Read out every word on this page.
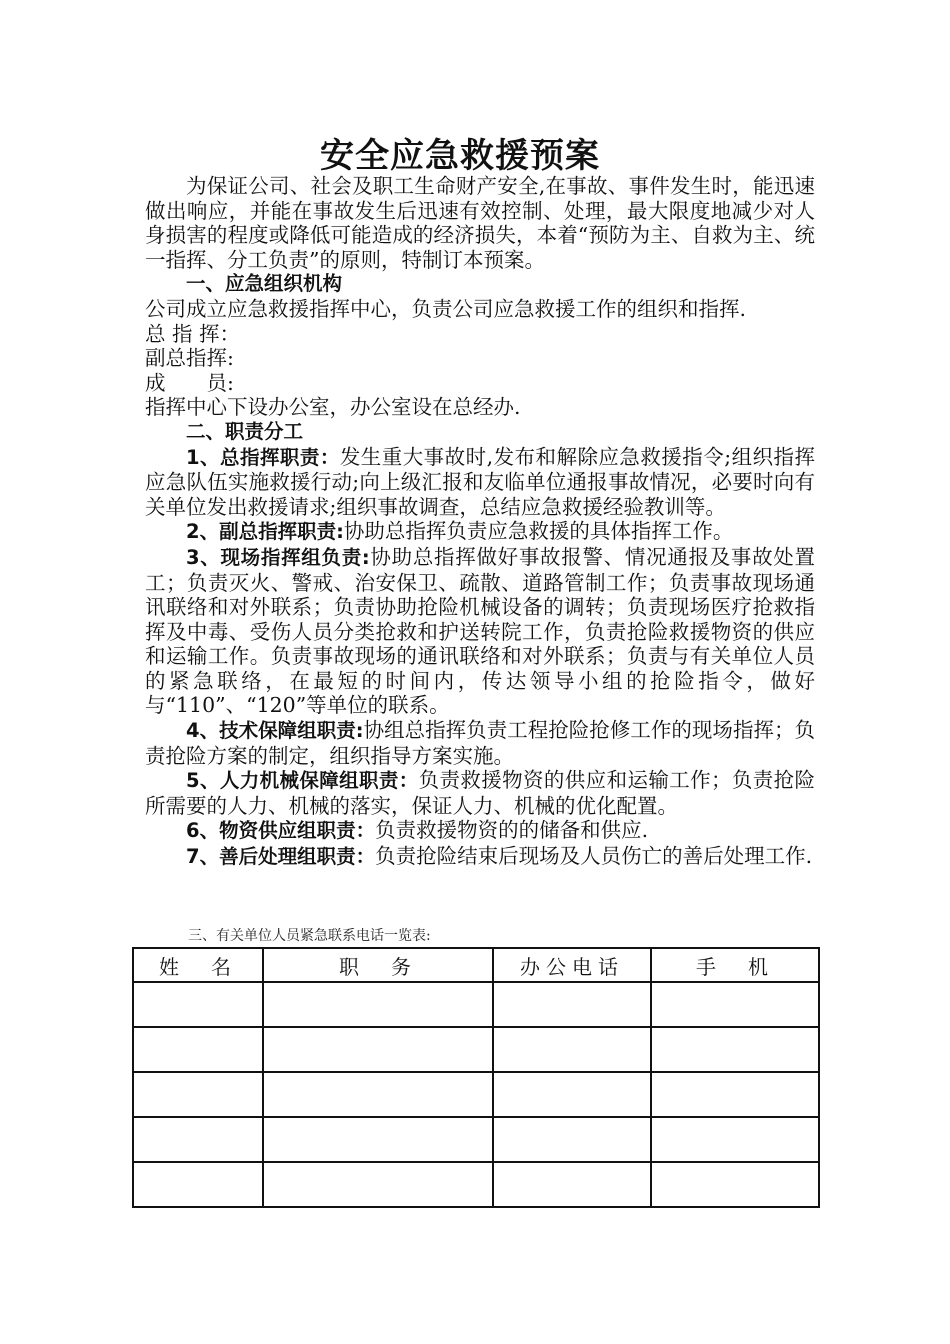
安全应急救援预案

为保证公司、社会及职工生命财产安全,在事故、事件发生时，能迅速做出响应，并能在事故发生后迅速有效控制、处理，最大限度地减少对人身损害的程度或降低可能造成的经济损失，本着“预防为主、自救为主、统一指挥、分工负责”的原则，特制订本预案。

一、应急组织机构

公司成立应急救援指挥中心，负责公司应急救援工作的组织和指挥.

总 指 挥：

副总指挥:

成　　员:

指挥中心下设办公室，办公室设在总经办.

二、职责分工

1、总指挥职责：发生重大事故时,发布和解除应急救援指令;组织指挥应急队伍实施救援行动;向上级汇报和友临单位通报事故情况，必要时向有关单位发出救援请求;组织事故调查，总结应急救援经验教训等。

2、副总指挥职责:协助总指挥负责应急救援的具体指挥工作。

3、现场指挥组负责:协助总指挥做好事故报警、情况通报及事故处置工；负责灭火、警戒、治安保卫、疏散、道路管制工作；负责事故现场通讯联络和对外联系；负责协助抢险机械设备的调转；负责现场医疗抢救指挥及中毒、受伤人员分类抢救和护送转院工作，负责抢险救援物资的供应和运输工作。负责事故现场的通讯联络和对外联系；负责与有关单位人员的紧急联络，在最短的时间内，传达领导小组的抢险指令，做好与“110”、“120”等单位的联系。

4、技术保障组职责:协组总指挥负责工程抢险抢修工作的现场指挥；负责抢险方案的制定，组织指导方案实施。

5、人力机械保障组职责：负责救援物资的供应和运输工作；负责抢险所需要的人力、机械的落实，保证人力、机械的优化配置。

6、物资供应组职责：负责救援物资的的储备和供应.

7、善后处理组职责：负责抢险结束后现场及人员伤亡的善后处理工作.

三、有关单位人员紧急联系电话一览表:
姓　名	职　务	办公电话	手　机
